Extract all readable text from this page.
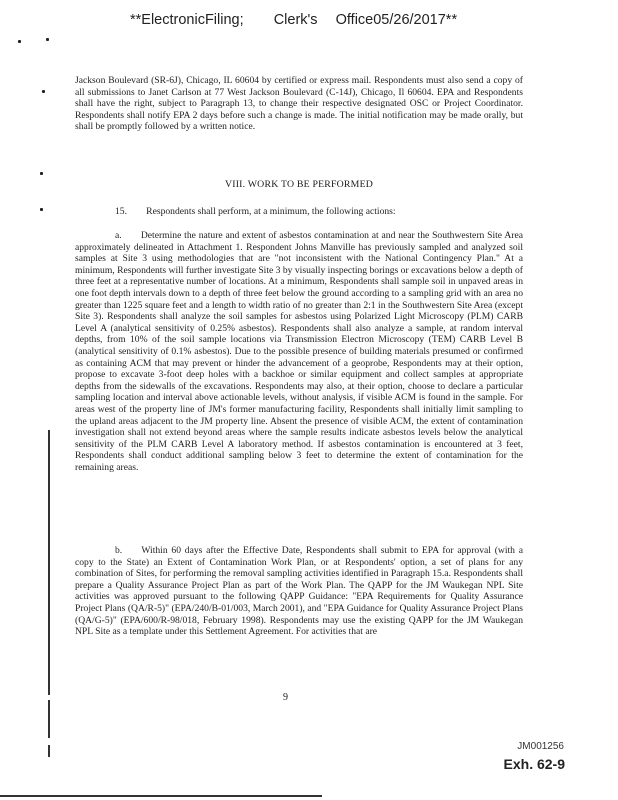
**ElectronicFiling; Clerk's Office05/26/2017**
Jackson Boulevard (SR-6J), Chicago, IL 60604 by certified or express mail. Respondents must also send a copy of all submissions to Janet Carlson at 77 West Jackson Boulevard (C-14J), Chicago, Il 60604. EPA and Respondents shall have the right, subject to Paragraph 13, to change their respective designated OSC or Project Coordinator. Respondents shall notify EPA 2 days before such a change is made. The initial notification may be made orally, but shall be promptly followed by a written notice.
VIII. WORK TO BE PERFORMED
15.  Respondents shall perform, at a minimum, the following actions:
a.  Determine the nature and extent of asbestos contamination at and near the Southwestern Site Area approximately delineated in Attachment 1. Respondent Johns Manville has previously sampled and analyzed soil samples at Site 3 using methodologies that are "not inconsistent with the National Contingency Plan." At a minimum, Respondents will further investigate Site 3 by visually inspecting borings or excavations below a depth of three feet at a representative number of locations. At a minimum, Respondents shall sample soil in unpaved areas in one foot depth intervals down to a depth of three feet below the ground according to a sampling grid with an area no greater than 1225 square feet and a length to width ratio of no greater than 2:1 in the Southwestern Site Area (except Site 3). Respondents shall analyze the soil samples for asbestos using Polarized Light Microscopy (PLM) CARB Level A (analytical sensitivity of 0.25% asbestos). Respondents shall also analyze a sample, at random interval depths, from 10% of the soil sample locations via Transmission Electron Microscopy (TEM) CARB Level B (analytical sensitivity of 0.1% asbestos). Due to the possible presence of building materials presumed or confirmed as containing ACM that may prevent or hinder the advancement of a geoprobe, Respondents may at their option, propose to excavate 3-foot deep holes with a backhoe or similar equipment and collect samples at appropriate depths from the sidewalls of the excavations. Respondents may also, at their option, choose to declare a particular sampling location and interval above actionable levels, without analysis, if visible ACM is found in the sample. For areas west of the property line of JM's former manufacturing facility, Respondents shall initially limit sampling to the upland areas adjacent to the JM property line. Absent the presence of visible ACM, the extent of contamination investigation shall not extend beyond areas where the sample results indicate asbestos levels below the analytical sensitivity of the PLM CARB Level A laboratory method. If asbestos contamination is encountered at 3 feet, Respondents shall conduct additional sampling below 3 feet to determine the extent of contamination for the remaining areas.
b.  Within 60 days after the Effective Date, Respondents shall submit to EPA for approval (with a copy to the State) an Extent of Contamination Work Plan, or at Respondents' option, a set of plans for any combination of Sites, for performing the removal sampling activities identified in Paragraph 15.a. Respondents shall prepare a Quality Assurance Project Plan as part of the Work Plan. The QAPP for the JM Waukegan NPL Site activities was approved pursuant to the following QAPP Guidance: "EPA Requirements for Quality Assurance Project Plans (QA/R-5)" (EPA/240/B-01/003, March 2001), and "EPA Guidance for Quality Assurance Project Plans (QA/G-5)" (EPA/600/R-98/018, February 1998). Respondents may use the existing QAPP for the JM Waukegan NPL Site as a template under this Settlement Agreement. For activities that are
9
JM001256
Exh. 62-9
